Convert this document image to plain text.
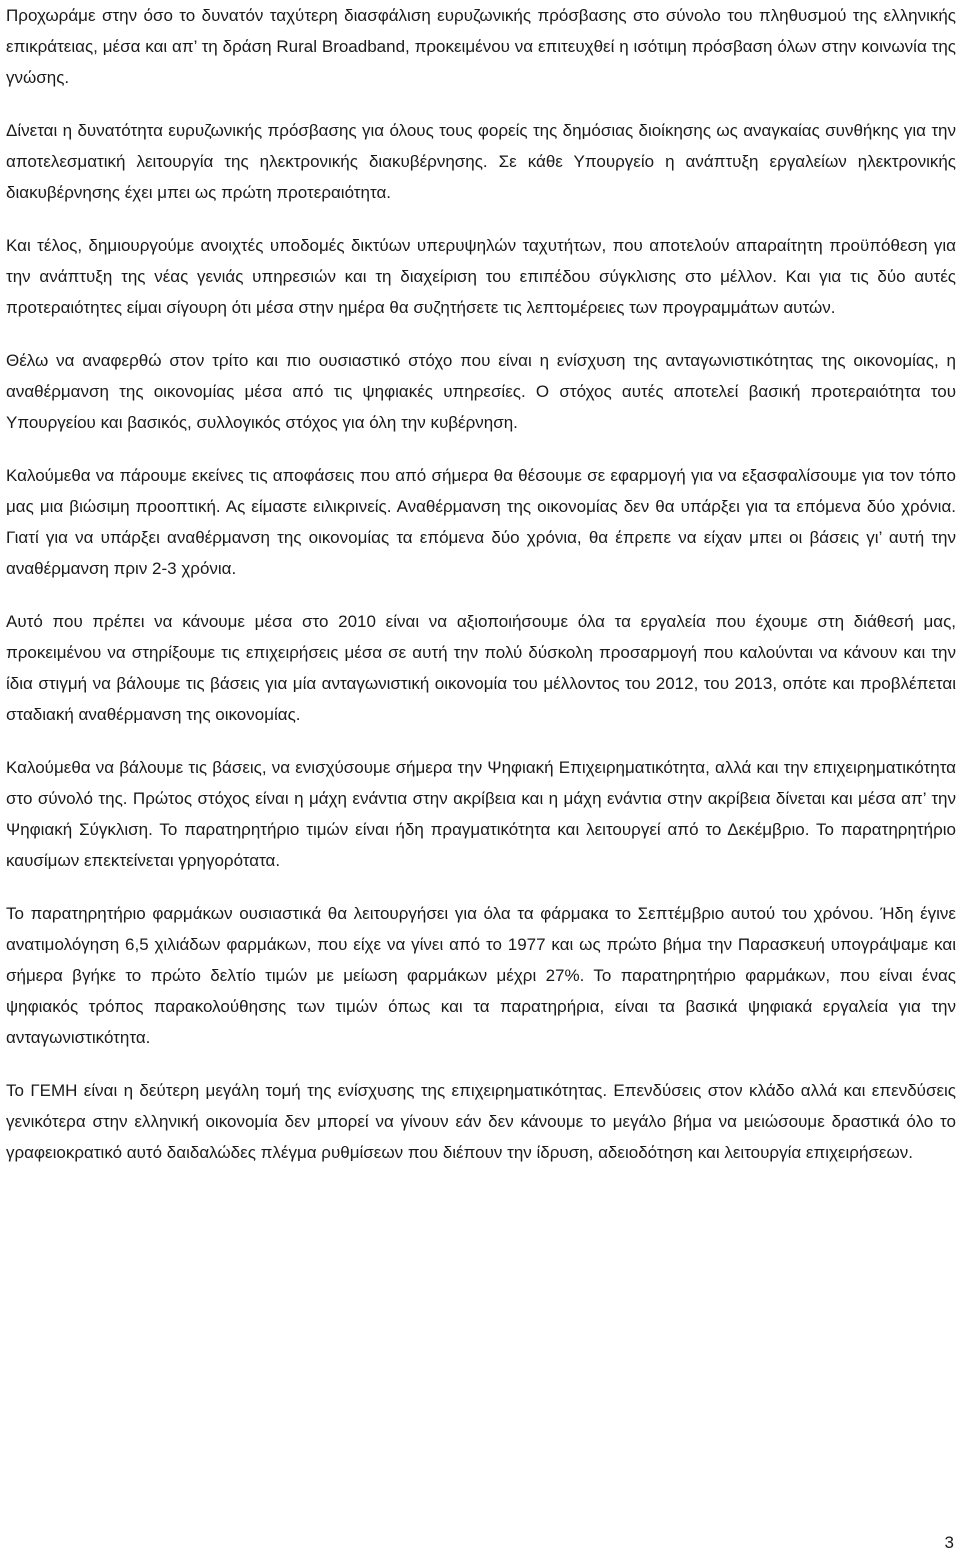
Προχωράμε στην όσο το δυνατόν ταχύτερη διασφάλιση ευρυζωνικής πρόσβασης στο σύνολο του πληθυσμού της ελληνικής επικράτειας, μέσα και απ’ τη δράση Rural Broadband, προκειμένου να επιτευχθεί η ισότιμη πρόσβαση όλων στην κοινωνία της γνώσης.

Δίνεται η δυνατότητα ευρυζωνικής πρόσβασης για όλους τους φορείς της δημόσιας διοίκησης ως αναγκαίας συνθήκης για την αποτελεσματική λειτουργία της ηλεκτρονικής διακυβέρνησης. Σε κάθε Υπουργείο η ανάπτυξη εργαλείων ηλεκτρονικής διακυβέρνησης έχει μπει ως πρώτη προτεραιότητα.

Και τέλος, δημιουργούμε ανοιχτές υποδομές δικτύων υπερυψηλών ταχυτήτων, που αποτελούν απαραίτητη προϋπόθεση για την ανάπτυξη της νέας γενιάς υπηρεσιών και τη διαχείριση του επιπέδου σύγκλισης στο μέλλον. Και για τις δύο αυτές προτεραιότητες είμαι σίγουρη ότι μέσα στην ημέρα θα συζητήσετε τις λεπτομέρειες των προγραμμάτων αυτών.

Θέλω να αναφερθώ στον τρίτο και πιο ουσιαστικό στόχο που είναι η ενίσχυση της ανταγωνιστικότητας της οικονομίας, η αναθέρμανση της οικονομίας μέσα από τις ψηφιακές υπηρεσίες. Ο στόχος αυτές αποτελεί βασική προτεραιότητα του Υπουργείου και βασικός, συλλογικός στόχος για όλη την κυβέρνηση.

Καλούμεθα να πάρουμε εκείνες τις αποφάσεις που από σήμερα θα θέσουμε σε εφαρμογή για να εξασφαλίσουμε για τον τόπο μας μια βιώσιμη προοπτική. Ας είμαστε ειλικρινείς. Αναθέρμανση της οικονομίας δεν θα υπάρξει για τα επόμενα δύο χρόνια. Γιατί για να υπάρξει αναθέρμανση της οικονομίας τα επόμενα δύο χρόνια, θα έπρεπε να είχαν μπει οι βάσεις γι’ αυτή την αναθέρμανση πριν 2-3 χρόνια.

Αυτό που πρέπει να κάνουμε μέσα στο 2010 είναι να αξιοποιήσουμε όλα τα εργαλεία που έχουμε στη διάθεσή μας, προκειμένου να στηρίξουμε τις επιχειρήσεις μέσα σε αυτή την πολύ δύσκολη προσαρμογή που καλούνται να κάνουν και την ίδια στιγμή να βάλουμε τις βάσεις για μία ανταγωνιστική οικονομία του μέλλοντος του 2012, του 2013, οπότε και προβλέπεται σταδιακή αναθέρμανση της οικονομίας.

Καλούμεθα να βάλουμε τις βάσεις, να ενισχύσουμε σήμερα την Ψηφιακή Επιχειρηματικότητα, αλλά και την επιχειρηματικότητα στο σύνολό της. Πρώτος στόχος είναι η μάχη ενάντια στην ακρίβεια και η μάχη ενάντια στην ακρίβεια δίνεται και μέσα απ’ την Ψηφιακή Σύγκλιση. Το παρατηρητήριο τιμών είναι ήδη πραγματικότητα και λειτουργεί από το Δεκέμβριο. Το παρατηρητήριο καυσίμων επεκτείνεται γρηγορότατα.

Το παρατηρητήριο φαρμάκων ουσιαστικά θα λειτουργήσει για όλα τα φάρμακα το Σεπτέμβριο αυτού του χρόνου. Ήδη έγινε ανατιμολόγηση 6,5 χιλιάδων φαρμάκων, που είχε να γίνει από το 1977 και ως πρώτο βήμα την Παρασκευή υπογράψαμε και σήμερα βγήκε το πρώτο δελτίο τιμών με μείωση φαρμάκων μέχρι 27%. Το παρατηρητήριο φαρμάκων, που είναι ένας ψηφιακός τρόπος παρακολούθησης των τιμών όπως και τα παρατηρήρια, είναι τα βασικά ψηφιακά εργαλεία για την ανταγωνιστικότητα.

Το ΓΕΜΗ είναι η δεύτερη μεγάλη τομή της ενίσχυσης της επιχειρηματικότητας. Επενδύσεις στον κλάδο αλλά και επενδύσεις γενικότερα στην ελληνική οικονομία δεν μπορεί να γίνουν εάν δεν κάνουμε το μεγάλο βήμα να μειώσουμε δραστικά όλο το γραφειοκρατικό αυτό δαιδαλώδες πλέγμα ρυθμίσεων που διέπουν την ίδρυση, αδειοδότηση και λειτουργία επιχειρήσεων.

3
